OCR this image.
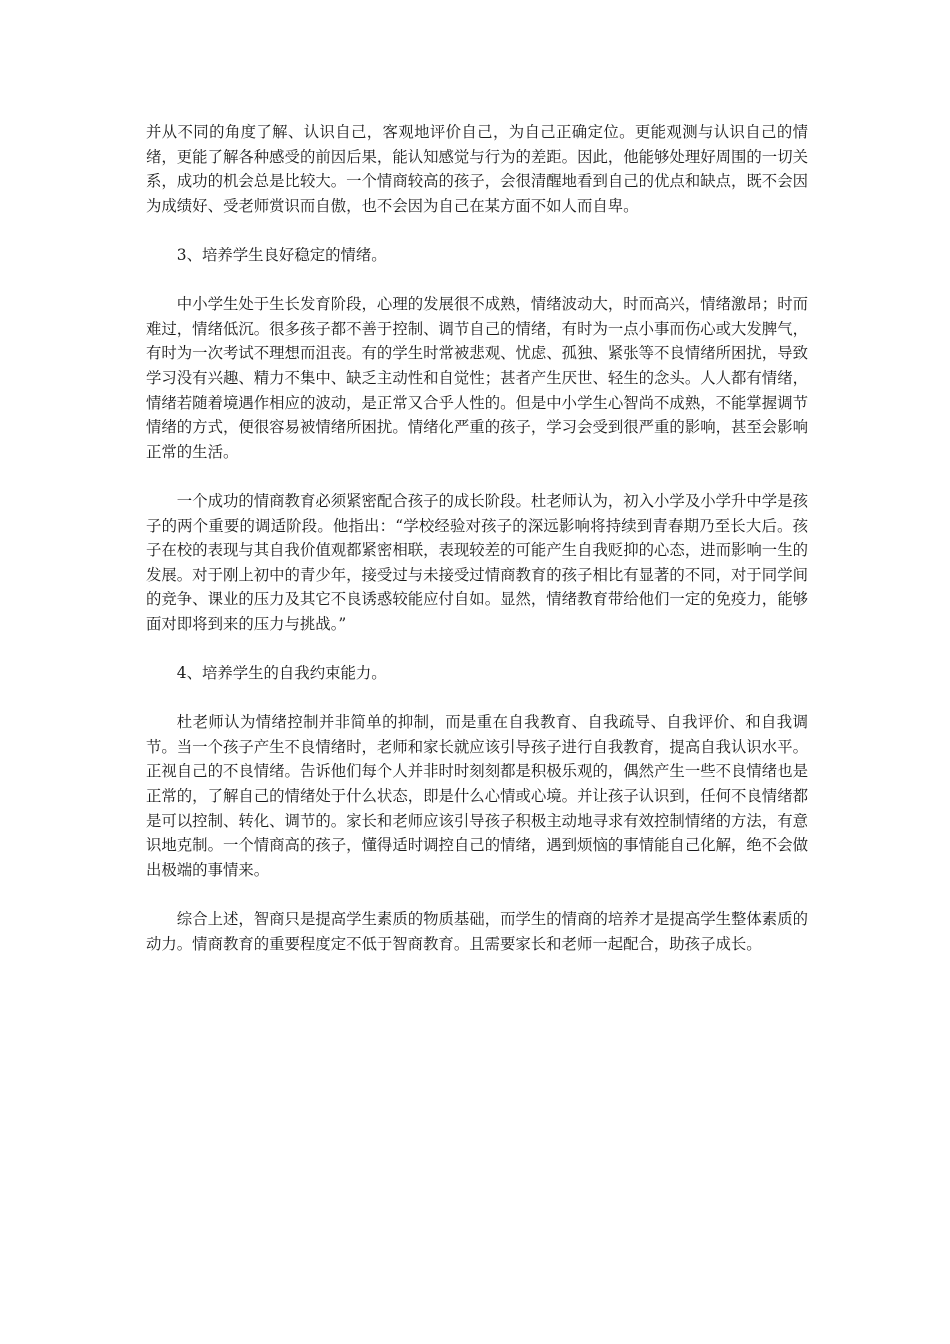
并从不同的角度了解、认识自己，客观地评价自己，为自己正确定位。更能观测与认识自己的情绪，更能了解各种感受的前因后果，能认知感觉与行为的差距。因此，他能够处理好周围的一切关系，成功的机会总是比较大。一个情商较高的孩子，会很清醒地看到自己的优点和缺点，既不会因为成绩好、受老师赏识而自傲，也不会因为自己在某方面不如人而自卑。

3、培养学生良好稳定的情绪。

中小学生处于生长发育阶段，心理的发展很不成熟，情绪波动大，时而高兴，情绪激昂；时而难过，情绪低沉。很多孩子都不善于控制、调节自己的情绪，有时为一点小事而伤心或大发脾气，有时为一次考试不理想而沮丧。有的学生时常被悲观、忧虑、孤独、紧张等不良情绪所困扰，导致学习没有兴趣、精力不集中、缺乏主动性和自觉性；甚者产生厌世、轻生的念头。人人都有情绪，情绪若随着境遇作相应的波动，是正常又合乎人性的。但是中小学生心智尚不成熟，不能掌握调节情绪的方式，便很容易被情绪所困扰。情绪化严重的孩子，学习会受到很严重的影响，甚至会影响正常的生活。

一个成功的情商教育必须紧密配合孩子的成长阶段。杜老师认为，初入小学及小学升中学是孩子的两个重要的调适阶段。他指出：“学校经验对孩子的深远影响将持续到青春期乃至长大后。孩子在校的表现与其自我价值观都紧密相联，表现较差的可能产生自我贬抑的心态，进而影响一生的发展。对于刚上初中的青少年，接受过与未接受过情商教育的孩子相比有显著的不同，对于同学间的竞争、课业的压力及其它不良诱惑较能应付自如。显然，情绪教育带给他们一定的免疫力，能够面对即将到来的压力与挑战。”

4、培养学生的自我约束能力。

杜老师认为情绪控制并非简单的抑制，而是重在自我教育、自我疏导、自我评价、和自我调节。当一个孩子产生不良情绪时，老师和家长就应该引导孩子进行自我教育，提高自我认识水平。正视自己的不良情绪。告诉他们每个人并非时时刻刻都是积极乐观的，偶然产生一些不良情绪也是正常的，了解自己的情绪处于什么状态，即是什么心情或心境。并让孩子认识到，任何不良情绪都是可以控制、转化、调节的。家长和老师应该引导孩子积极主动地寻求有效控制情绪的方法，有意识地克制。一个情商高的孩子，懂得适时调控自己的情绪，遇到烦恼的事情能自己化解，绝不会做出极端的事情来。

综合上述，智商只是提高学生素质的物质基础，而学生的情商的培养才是提高学生整体素质的动力。情商教育的重要程度定不低于智商教育。且需要家长和老师一起配合，助孩子成长。
